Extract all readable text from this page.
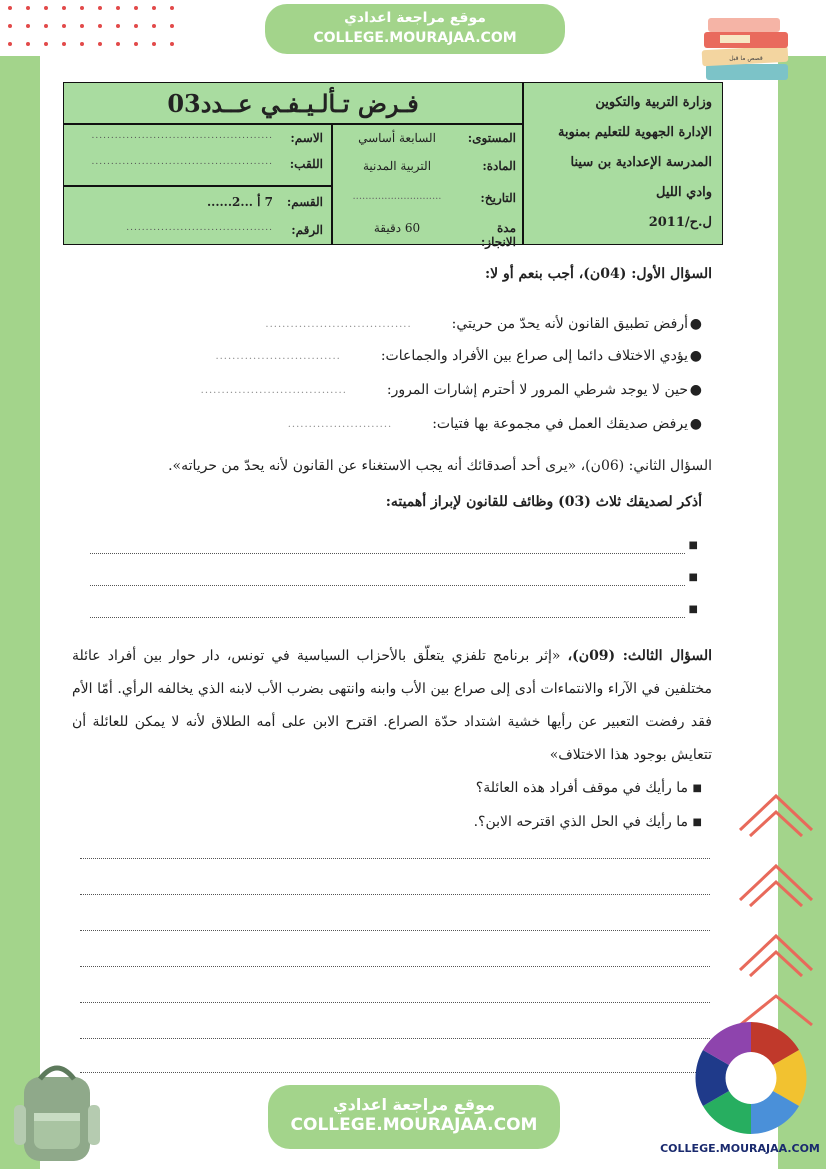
موقع مراجعة اعدادي
COLLEGE.MOURAJAA.COM
قصص ما قبل
فـرض تـألـيـفـي عــدد03	وزارة التربية والتكوين
الإدارة الجهوية للتعليم بمنوبة
المدرسة الإعدادية بن سينا
وادي الليل
ل.ح/2011
المستوى:
السابعة أساسي
المادة:
التربية المدنية
التاريخ:
............................
مدة الانجاز:
60 دقيقة
الاسم:
...............................................
اللقب:
...............................................
القسم:
7 أ ...2......
الرقم:
......................................
السؤال الأول: (04ن)، أجب بنعم أو لا:
●
أرفض تطبيق القانون لأنه يحدّ من حريتي:
...................................
●
يؤدي الاختلاف دائما إلى صراع بين الأفراد والجماعات:
..............................
●
حين لا يوجد شرطي المرور لا أحترم إشارات المرور:
...................................
●
يرفض صديقك العمل في مجموعة بها فتيات:
.........................
السؤال الثاني: (06ن)، «يرى أحد أصدقائك أنه يجب الاستغناء عن القانون لأنه يحدّ من حرياته».
أذكر لصديقك ثلاث (03) وظائف للقانون لإبراز أهميته:
■
■
■
السؤال الثالث: (09ن)، «إثر برنامج تلفزي يتعلّق بالأحزاب السياسية في تونس، دار حوار بين أفراد عائلة مختلفين في الآراء والانتماءات أدى إلى صراع بين الأب وابنه وانتهى بضرب الأب لابنه الذي يخالفه الرأي. أمّا الأم فقد رفضت التعبير عن رأيها خشية اشتداد حدّة الصراع. اقترح الابن على أمه الطلاق لأنه لا يمكن للعائلة أن تتعايش بوجود هذا الاختلاف»
■
ما رأيك في موقف أفراد هذه العائلة؟
■
ما رأيك في الحل الذي اقترحه الابن؟.
COLLEGE.MOURAJAA.COM
موقع مراجعة اعدادي
COLLEGE.MOURAJAA.COM
